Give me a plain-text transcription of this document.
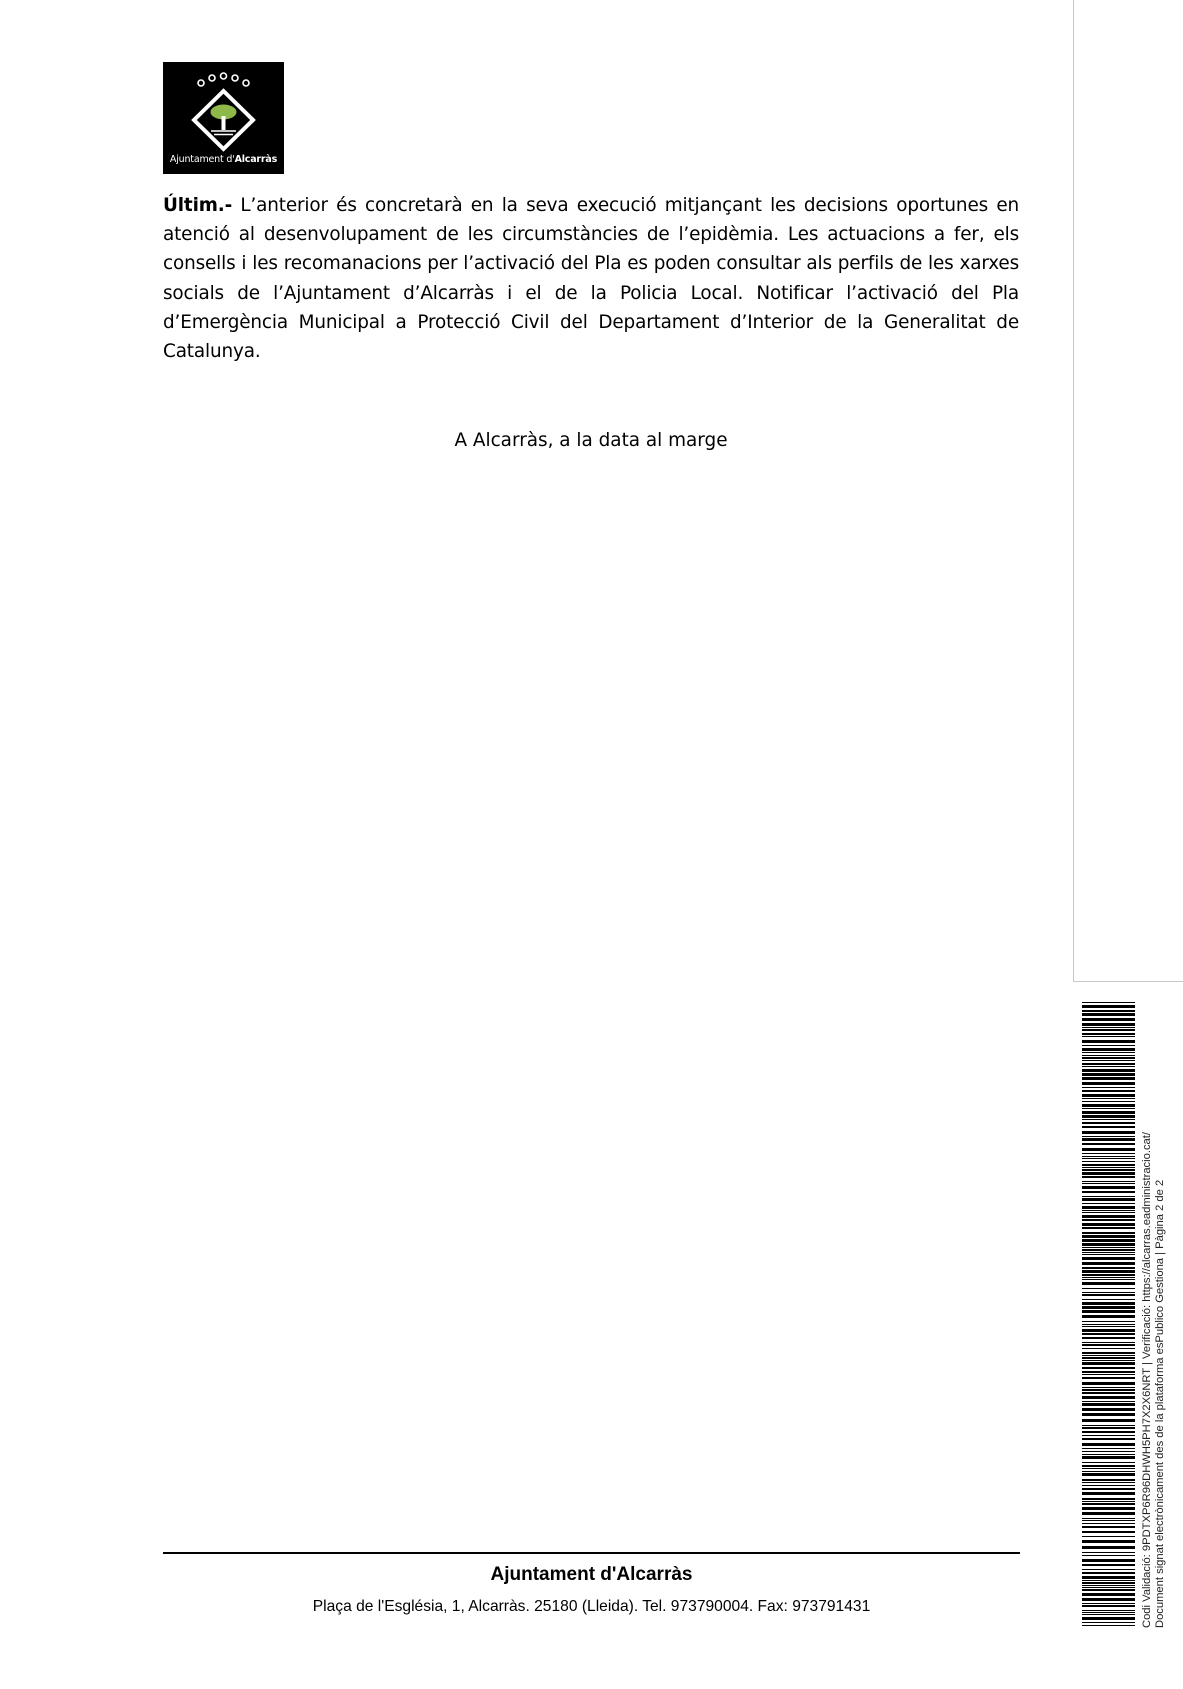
Ajuntament d'Alcarràs
Últim.- L’anterior és concretarà en la seva execució mitjançant les decisions oportunes en atenció al desenvolupament de les circumstàncies de l’epidèmia. Les actuacions a fer, els consells i les recomanacions per l’activació del Pla es poden consultar als perfils de les xarxes socials de l’Ajuntament d’Alcarràs i el de la Policia Local. Notificar l’activació del Pla d’Emergència Municipal a Protecció Civil del Departament d’Interior de la Generalitat de Catalunya.
A Alcarràs, a la data al marge
Codi Validació: 9PDTXP6R96DHWH5PH7X2X6NRT | Verificació: https://alcarras.eadministracio.cat/ Document signat electrònicament des de la plataforma esPublico Gestiona | Pàgina 2 de 2
Ajuntament d'Alcarràs
Plaça de l'Església, 1, Alcarràs. 25180 (Lleida). Tel. 973790004. Fax: 973791431
